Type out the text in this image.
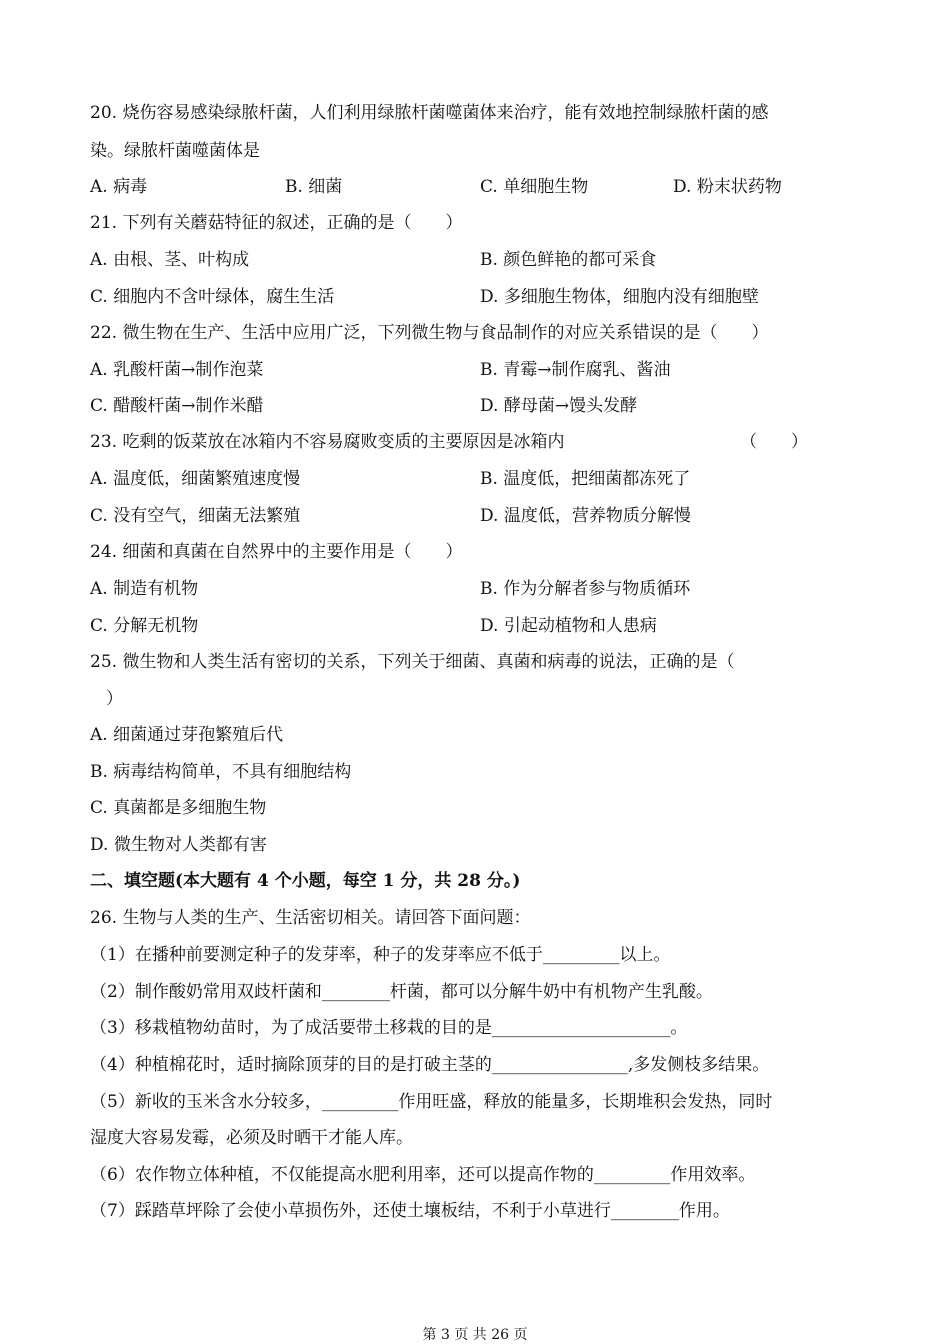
20. 烧伤容易感染绿脓杆菌，人们利用绿脓杆菌噬菌体来治疗，能有效地控制绿脓杆菌的感
染。绿脓杆菌噬菌体是
A. 病毒	B. 细菌	C. 单细胞生物	D. 粉末状药物
21. 下列有关蘑菇特征的叙述，正确的是（　　）
A. 由根、茎、叶构成	B. 颜色鲜艳的都可采食
C. 细胞内不含叶绿体，腐生生活	D. 多细胞生物体，细胞内没有细胞壁
22. 微生物在生产、生活中应用广泛，下列微生物与食品制作的对应关系错误的是（　　）
A. 乳酸杆菌→制作泡菜	B. 青霉→制作腐乳、酱油
C. 醋酸杆菌→制作米醋	D. 酵母菌→馒头发酵
23. 吃剩的饭菜放在冰箱内不容易腐败变质的主要原因是冰箱内	（　　）
A. 温度低，细菌繁殖速度慢	B. 温度低，把细菌都冻死了
C. 没有空气，细菌无法繁殖	D. 温度低，营养物质分解慢
24. 细菌和真菌在自然界中的主要作用是（　　）
A. 制造有机物	B. 作为分解者参与物质循环
C. 分解无机物	D. 引起动植物和人患病
25. 微生物和人类生活有密切的关系，下列关于细菌、真菌和病毒的说法，正确的是（
）
A. 细菌通过芽孢繁殖后代
B. 病毒结构简单，不具有细胞结构
C. 真菌都是多细胞生物
D. 微生物对人类都有害
二、填空题(本大题有 4 个小题，每空 1 分，共 28 分。)
26. 生物与人类的生产、生活密切相关。请回答下面问题：
（1）在播种前要测定种子的发芽率，种子的发芽率应不低于_________以上。
（2）制作酸奶常用双歧杆菌和________杆菌，都可以分解牛奶中有机物产生乳酸。
（3）移栽植物幼苗时，为了成活要带土移栽的目的是_____________________。
（4）种植棉花时，适时摘除顶芽的目的是打破主茎的________________,多发侧枝多结果。
（5）新收的玉米含水分较多，_________作用旺盛，释放的能量多，长期堆积会发热，同时
湿度大容易发霉，必须及时晒干才能人库。
（6）农作物立体种植，不仅能提高水肥利用率，还可以提高作物的_________作用效率。
（7）踩踏草坪除了会使小草损伤外，还使土壤板结，不利于小草进行________作用。
第 3 页 共 26 页
